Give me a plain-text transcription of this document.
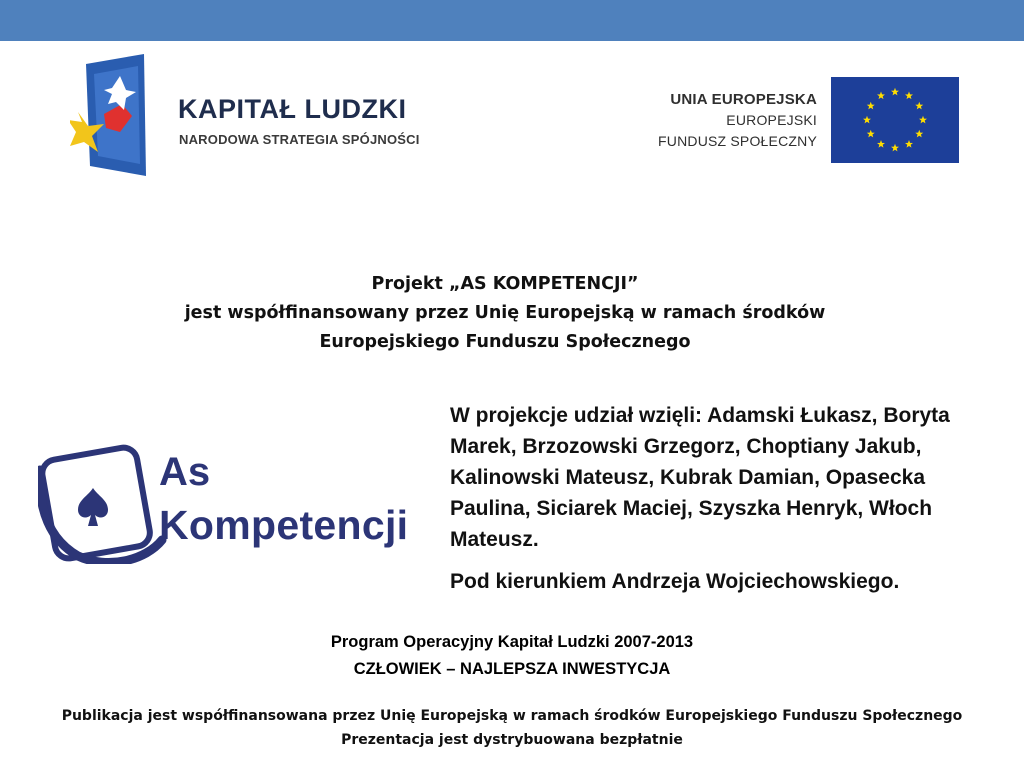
KAPITAŁ LUDZKI
NARODOWA STRATEGIA SPÓJNOŚCI
UNIA EUROPEJSKA
EUROPEJSKI
FUNDUSZ SPOŁECZNY
Projekt „AS KOMPETENCJI”
jest współfinansowany przez Unię Europejską w ramach środków
Europejskiego Funduszu Społecznego
As
Kompetencji
W projekcje udział wzięli: Adamski Łukasz, Boryta Marek, Brzozowski Grzegorz, Choptiany Jakub, Kalinowski Mateusz, Kubrak Damian, Opasecka Paulina, Siciarek Maciej, Szyszka Henryk, Włoch Mateusz.
Pod kierunkiem Andrzeja Wojciechowskiego.
Program Operacyjny Kapitał Ludzki 2007-2013
CZŁOWIEK – NAJLEPSZA INWESTYCJA
Publikacja jest współfinansowana przez Unię Europejską w ramach środków Europejskiego Funduszu Społecznego
Prezentacja jest dystrybuowana bezpłatnie
